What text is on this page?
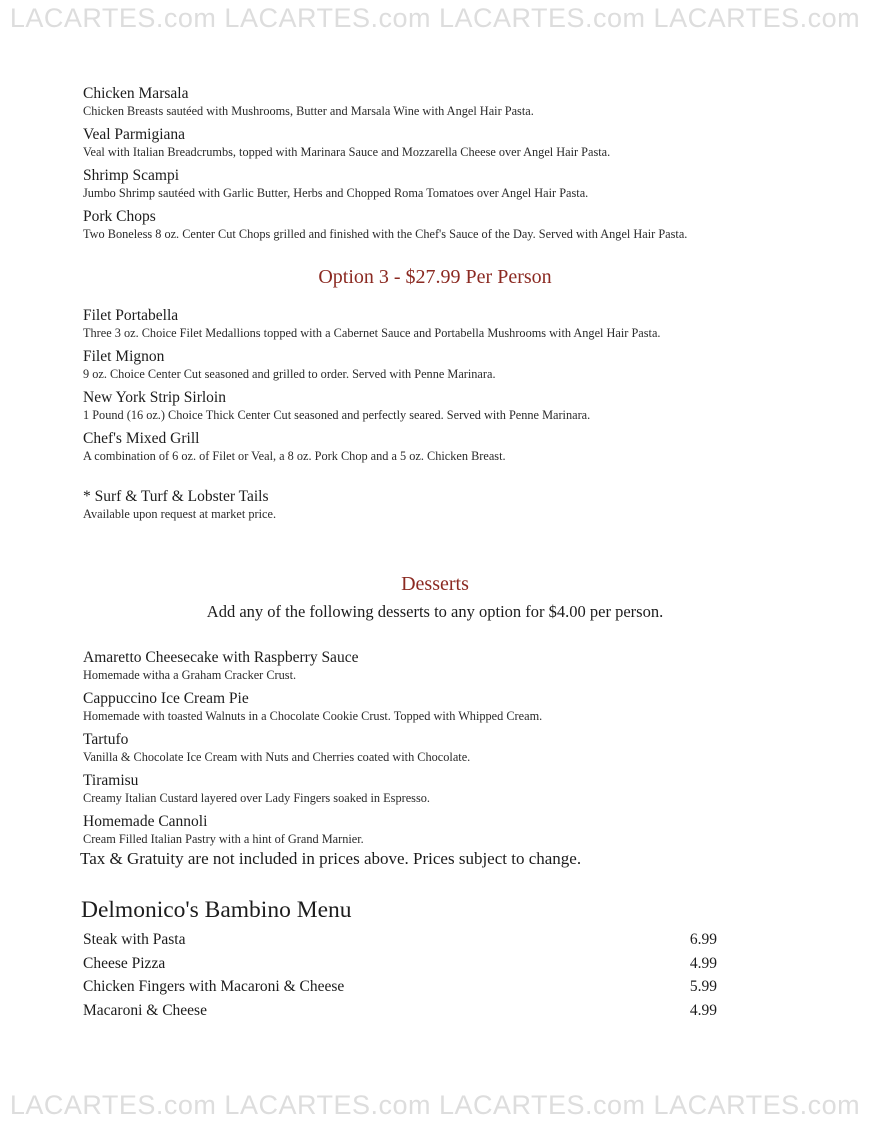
LACARTES.com LACARTES.com LACARTES.com LACARTES.com
Chicken Marsala
Chicken Breasts sautéed with Mushrooms, Butter and Marsala Wine with Angel Hair Pasta.
Veal Parmigiana
Veal with Italian Breadcrumbs, topped with Marinara Sauce and Mozzarella Cheese over Angel Hair Pasta.
Shrimp Scampi
Jumbo Shrimp sautéed with Garlic Butter, Herbs and Chopped Roma Tomatoes over Angel Hair Pasta.
Pork Chops
Two Boneless 8 oz. Center Cut Chops grilled and finished with the Chef's Sauce of the Day. Served with Angel Hair Pasta.
Option 3 - $27.99 Per Person
Filet Portabella
Three 3 oz. Choice Filet Medallions topped with a Cabernet Sauce and Portabella Mushrooms with Angel Hair Pasta.
Filet Mignon
9 oz. Choice Center Cut seasoned and grilled to order. Served with Penne Marinara.
New York Strip Sirloin
1 Pound (16 oz.) Choice Thick Center Cut seasoned and perfectly seared. Served with Penne Marinara.
Chef's Mixed Grill
A combination of 6 oz. of Filet or Veal, a 8 oz. Pork Chop and a 5 oz. Chicken Breast.
* Surf & Turf & Lobster Tails
Available upon request at market price.
Desserts
Add any of the following desserts to any option for $4.00 per person.
Amaretto Cheesecake with Raspberry Sauce
Homemade witha a Graham Cracker Crust.
Cappuccino Ice Cream Pie
Homemade with toasted Walnuts in a Chocolate Cookie Crust. Topped with Whipped Cream.
Tartufo
Vanilla & Chocolate Ice Cream with Nuts and Cherries coated with Chocolate.
Tiramisu
Creamy Italian Custard layered over Lady Fingers soaked in Espresso.
Homemade Cannoli
Cream Filled Italian Pastry with a hint of Grand Marnier.
Tax & Gratuity are not included in prices above. Prices subject to change.
Delmonico's Bambino Menu
Steak with Pasta	6.99
Cheese Pizza	4.99
Chicken Fingers with Macaroni & Cheese	5.99
Macaroni & Cheese	4.99
LACARTES.com LACARTES.com LACARTES.com LACARTES.com
